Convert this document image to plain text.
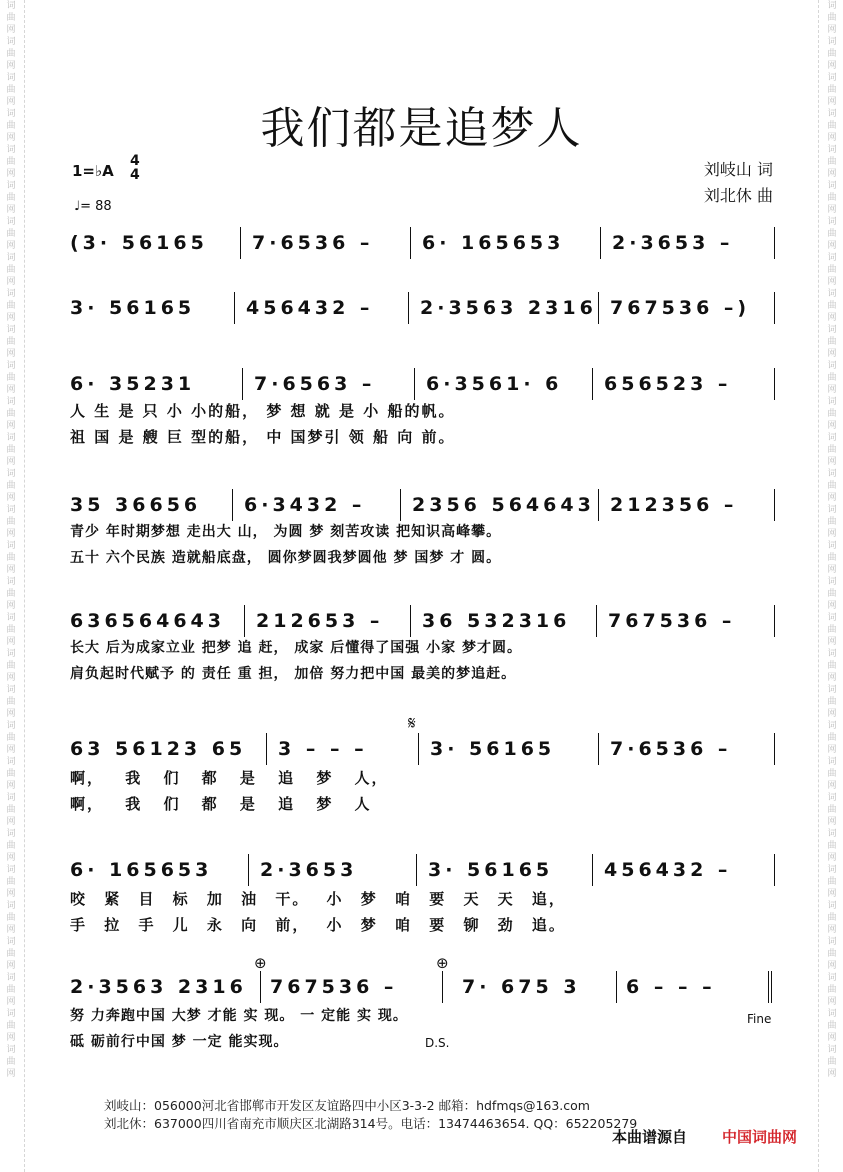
词曲网词曲网词曲网词曲网词曲网词曲网词曲网词曲网词曲网词曲网词曲网词曲网词曲网词曲网词曲网词曲网词曲网词曲网词曲网词曲网词曲网词曲网词曲网词曲网词曲网词曲网词曲网词曲网词曲网词曲网
词曲网词曲网词曲网词曲网词曲网词曲网词曲网词曲网词曲网词曲网词曲网词曲网词曲网词曲网词曲网词曲网词曲网词曲网词曲网词曲网词曲网词曲网词曲网词曲网词曲网词曲网词曲网词曲网词曲网词曲网
我们都是追梦人
1=♭A
4
4
♩= 88
刘岐山 词
刘北休 曲
(3· 56165 7·6536 –	6· 165653	2·3653 –
3· 56165	456432 – 2·3563 2316 767536 –)
6· 35231	7·6563 –	6·3561· 6 656523 –
人 生 是 只 小 小的船， 梦 想 就 是 小 船的帆。
祖 国 是 艘 巨 型的船， 中 国梦引 领 船 向 前。
35 36656 6·3432 – 2356 564643 212356 –
青少 年时期梦想 走出大 山， 为圆 梦 刻苦攻读 把知识高峰攀。
五十 六个民族 造就船底盘， 圆你梦圆我梦圆他 梦 国梦 才 圆。
636564643 212653 – 36 532316 767536 –
长大 后为成家立业 把梦 追 赶， 成家 后懂得了国强 小家 梦才圆。
肩负起时代赋予 的 责任 重 担， 加倍 努力把中国 最美的梦追赶。
𝄋
63 56123 65 3 – – –	3· 56165	7·6536 –
啊， 我 们 都 是 追 梦 人，
啊， 我 们 都 是 追 梦 人
6· 165653	2·3653	3· 56165	456432 –
咬 紧 目 标 加 油 干。 小 梦 咱 要 天 天 追，
手 拉 手 儿 永 向 前， 小 梦 咱 要 铆 劲 追。
⊕	⊕
2·3563 2316 767536 –	7· 675 3 6 – – –
努 力奔跑中国 大梦 才能 实 现。 一 定能 实 现。
砥 砺前行中国 梦 一定 能实现。
Fine
D.S.
刘岐山：056000河北省邯郸市开发区友谊路四中小区3-3-2 邮箱：hdfmqs@163.com
刘北休：637000四川省南充市顺庆区北湖路314号。电话：13474463654. QQ：652205279
本曲谱源自 中国词曲网
